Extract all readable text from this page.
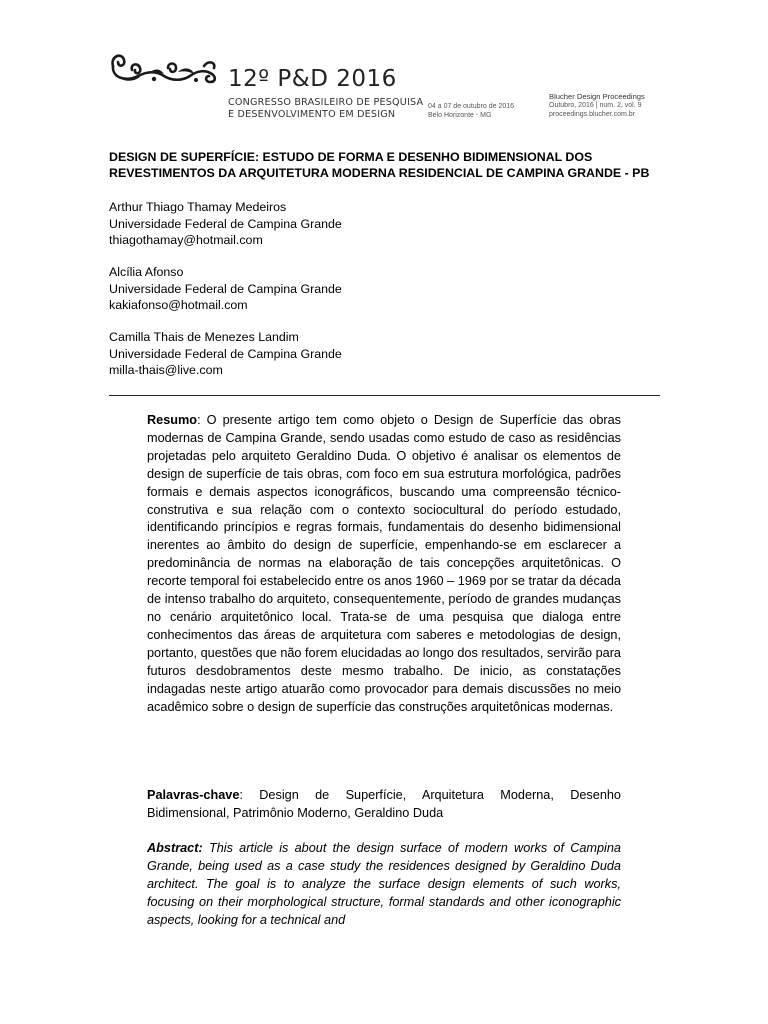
12º P&D 2016
CONGRESSO BRASILEIRO DE PESQUISA
E DESENVOLVIMENTO EM DESIGN
04 a 07 de outubro de 2016
Belo Horizonte - MG
Blucher Design Proceedings
Outubro, 2016 | num. 2, vol. 9
proceedings.blucher.com.br
DESIGN DE SUPERFÍCIE: ESTUDO DE FORMA E DESENHO BIDIMENSIONAL DOS
REVESTIMENTOS DA ARQUITETURA MODERNA RESIDENCIAL DE CAMPINA GRANDE - PB
Arthur Thiago Thamay Medeiros
Universidade Federal de Campina Grande
thiagothamay@hotmail.com
Alcília Afonso
Universidade Federal de Campina Grande
kakiafonso@hotmail.com
Camilla Thais de Menezes Landim
Universidade Federal de Campina Grande
milla-thais@live.com

Resumo: O presente artigo tem como objeto o Design de Superfície das obras modernas de Campina Grande, sendo usadas como estudo de caso as residências projetadas pelo arquiteto Geraldino Duda. O objetivo é analisar os elementos de design de superfície de tais obras, com foco em sua estrutura morfológica, padrões formais e demais aspectos iconográficos, buscando uma compreensão técnico-construtiva e sua relação com o contexto sociocultural do período estudado, identificando princípios e regras formais, fundamentais do desenho bidimensional inerentes ao âmbito do design de superfície, empenhando-se em esclarecer a predominância de normas na elaboração de tais concepções arquitetônicas. O recorte temporal foi estabelecido entre os anos 1960 – 1969 por se tratar da década de intenso trabalho do arquiteto, consequentemente, período de grandes mudanças no cenário arquitetônico local. Trata-se de uma pesquisa que dialoga entre conhecimentos das áreas de arquitetura com saberes e metodologias de design, portanto, questões que não forem elucidadas ao longo dos resultados, servirão para futuros desdobramentos deste mesmo trabalho. De inicio, as constatações indagadas neste artigo atuarão como provocador para demais discussões no meio acadêmico sobre o design de superfície das construções arquitetônicas modernas.

Palavras-chave: Design de Superfície, Arquitetura Moderna, Desenho Bidimensional, Patrimônio Moderno, Geraldino Duda

Abstract: This article is about the design surface of modern works of Campina Grande, being used as a case study the residences designed by Geraldino Duda architect. The goal is to analyze the surface design elements of such works, focusing on their morphological structure, formal standards and other iconographic aspects, looking for a technical and
